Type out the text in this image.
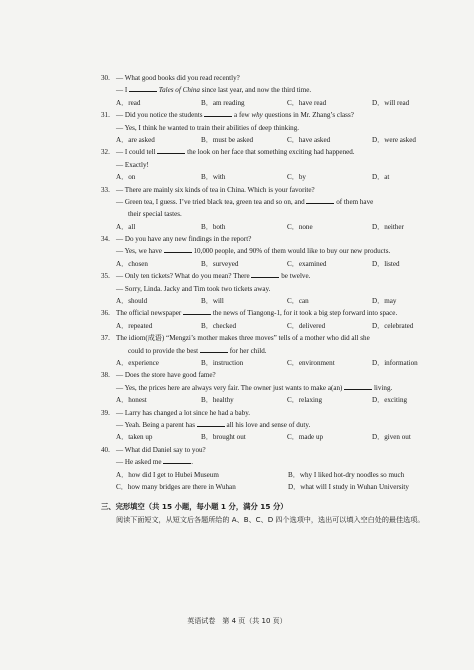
30. — What good books did you read recently?
— I	Tales of China since last year, and now the third time.
A．read	B．am reading	C．have read	D．will read
31. — Did you notice the students	a few why questions in Mr. Zhang’s class?
— Yes, I think he wanted to train their abilities of deep thinking.
A．are asked	B．must be asked	C．have asked	D．were asked
32. — I could tell	the look on her face that something exciting had happened.
— Exactly!
A．on	B．with	C．by	D．at
33. — There are mainly six kinds of tea in China. Which is your favorite?
— Green tea, I guess. I’ve tried black tea, green tea and so on, and	of them have
their special tastes.
A．all	B．both	C．none	D．neither
34. — Do you have any new findings in the report?
— Yes, we have	10,000 people, and 90% of them would like to buy our new products.
A．chosen	B．surveyed	C．examined	D．listed
35. — Only ten tickets? What do you mean? There	be twelve.
— Sorry, Linda. Jacky and Tim took two tickets away.
A．should	B．will	C．can	D．may
36. The official newspaper	the news of Tiangong-1, for it took a big step forward into space.
A．repeated	B．checked	C．delivered	D．celebrated
37. The idiom(成语) “Mengzi’s mother makes three moves” tells of a mother who did all she
could to provide the best	for her child.
A．experience	B．instruction	C．environment	D．information
38. — Does the store have good fame?
— Yes, the prices here are always very fair. The owner just wants to make a(an)	living.
A．honest	B．healthy	C．relaxing	D．exciting
39. — Larry has changed a lot since he had a baby.
— Yeah. Being a parent has	all his love and sense of duty.
A．taken up	B．brought out	C．made up	D．given out
40. — What did Daniel say to you?
— He asked me	.
A．how did I get to Hubei Museum	B．why I liked hot-dry noodles so much
C．how many bridges are there in Wuhan	D．what will I study in Wuhan University
三、完形填空（共 15 小题，每小题 1 分，满分 15 分）
阅读下面短文，从短文后各题所给的 A、B、C、D 四个选项中，选出可以填入空白处的最佳选项。
英语试卷　第 4 页（共 10 页）
